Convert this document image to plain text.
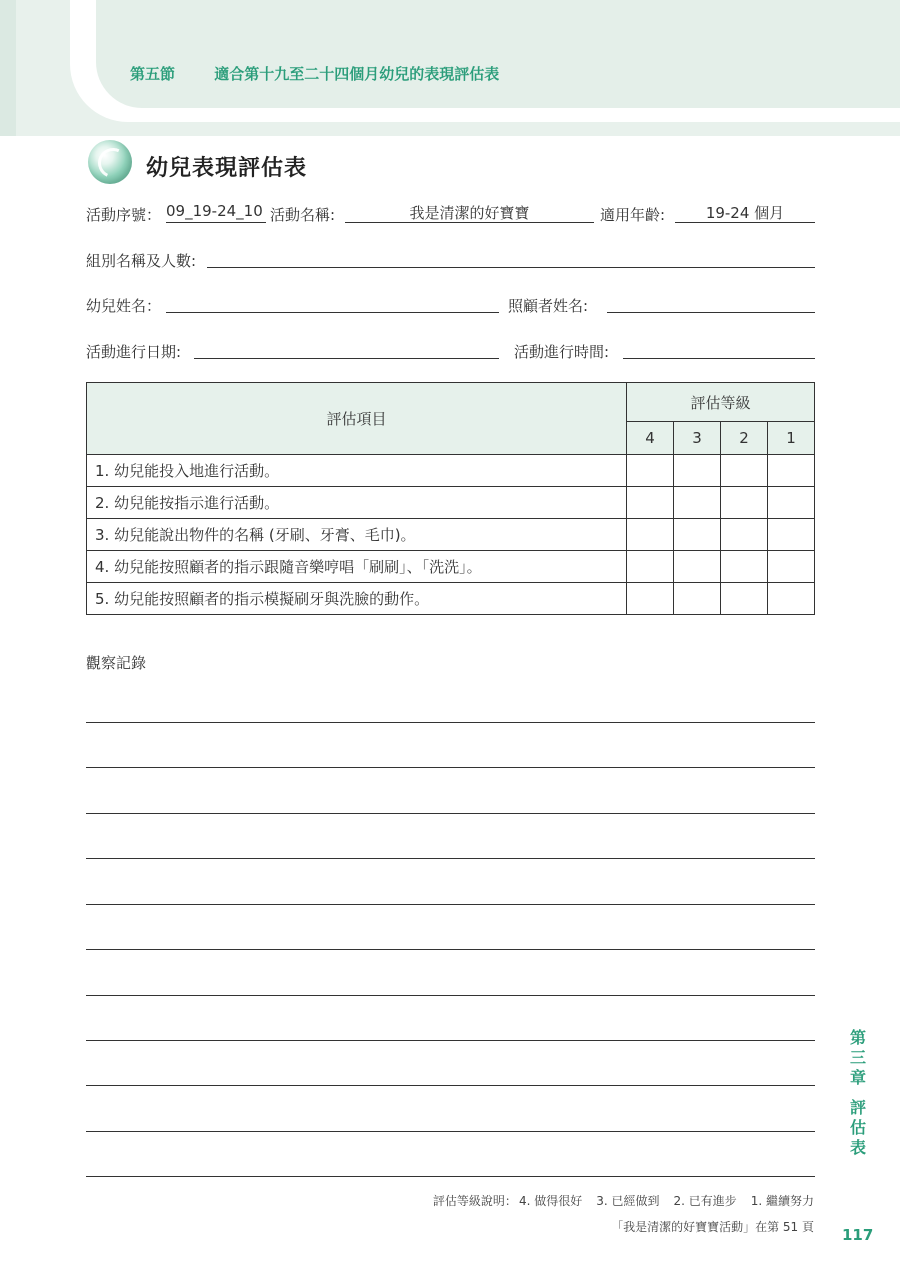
第五節	適合第十九至二十四個月幼兒的表現評估表
幼兒表現評估表
活動序號： 09_19-24_10 活動名稱:	我是清潔的好寶寶	適用年齡:	19-24 個月
組別名稱及人數:
幼兒姓名：	照顧者姓名:
活動進行日期:	活動進行時間:
評估項目	評估等級			
	4	3	2	1
1. 幼兒能投入地進行活動。				
2. 幼兒能按指示進行活動。				
3. 幼兒能說出物件的名稱 (牙刷、牙膏、毛巾)。				
4. 幼兒能按照顧者的指示跟隨音樂哼唱「刷刷」、「洗洗」。				
5. 幼兒能按照顧者的指示模擬刷牙與洗臉的動作。				
觀察記錄
第
三
章
評
估
表
評估等級說明： 4. 做得很好 3. 已經做到 2. 已有進步 1. 繼續努力
「我是清潔的好寶寶活動」在第 51 頁 117
